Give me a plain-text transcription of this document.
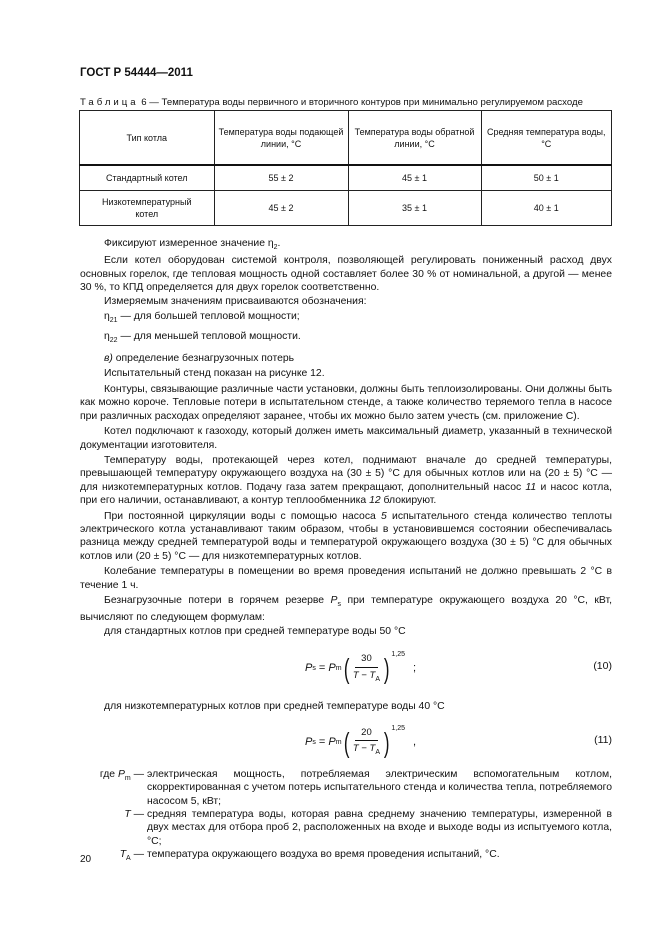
ГОСТ Р 54444—2011
Таблица 6 — Температура воды первичного и вторичного контуров при минимально регулируемом расходе
Тип котла	Температура воды подающей линии, °C	Температура воды обратной линии, °C	Средняя температура воды, °C
Стандартный котел	55 ± 2	45 ± 1	50 ± 1
Низкотемпературный котел	45 ± 2	35 ± 1	40 ± 1

Фиксируют измеренное значение $\eta_2$.

Если котел оборудован системой контроля, позволяющей регулировать пониженный расход двух основных горелок, где тепловая мощность одной составляет более 30 % от номинальной, а другой — менее 30 %, то КПД определяется для двух горелок соответственно.

Измеряемым значениям присваиваются обозначения:

$\eta_{21}$ — для большей тепловой мощности;

$\eta_{22}$ — для меньшей тепловой мощности.

в) определение безнагрузочных потерь

Испытательный стенд показан на рисунке 12.

Контуры, связывающие различные части установки, должны быть теплоизолированы. Они должны быть как можно короче. Тепловые потери в испытательном стенде, а также количество теряемого тепла в насосе при различных расходах определяют заранее, чтобы их можно было затем учесть (см. приложение С).

Котел подключают к газоходу, который должен иметь максимальный диаметр, указанный в технической документации изготовителя.

Температуру воды, протекающей через котел, поднимают вначале до средней температуры, превышающей температуру окружающего воздуха на (30 ± 5) °С для обычных котлов или на (20 ± 5) °С — для низкотемпературных котлов. Подачу газа затем прекращают, дополнительный насос 11 и насос котла, при его наличии, останавливают, а контур теплообменника 12 блокируют.

При постоянной циркуляции воды с помощью насоса 5 испытательного стенда количество теплоты электрического котла устанавливают таким образом, чтобы в установившемся состоянии обеспечивалась разница между средней температурой воды и температурой окружающего воздуха (30 ± 5) °С для обычных котлов или (20 ± 5) °С — для низкотемпературных котлов.

Колебание температуры в помещении во время проведения испытаний не должно превышать 2 °С в течение 1 ч.

Безнагрузочные потери в горячем резерве $P_s$ при температуре окружающего воздуха 20 °С, кВт, вычисляют по следующем формулам:

для стандартных котлов при средней температуре воды 50 °С

P s = P m ( $\frac{30}{T - T_A}$ ) 1,25
;	(10)

для низкотемпературных котлов при средней температуре воды 40 °С

P s = P m ( $\frac{20}{T - T_A}$ ) 1,25
,	(11)
где $P_m$ — электрическая мощность, потребляемая электрическим вспомогательным котлом, скорректированная с учетом потерь испытательного стенда и количества тепла, потребляемого насосом 5, кВт;
T — средняя температура воды, которая равна среднему значению температуры, измеренной в двух местах для отбора проб 2, расположенных на входе и выходе воды из испытуемого котла, °С;
$T_A$ — температура окружающего воздуха во время проведения испытаний, °С.
20
